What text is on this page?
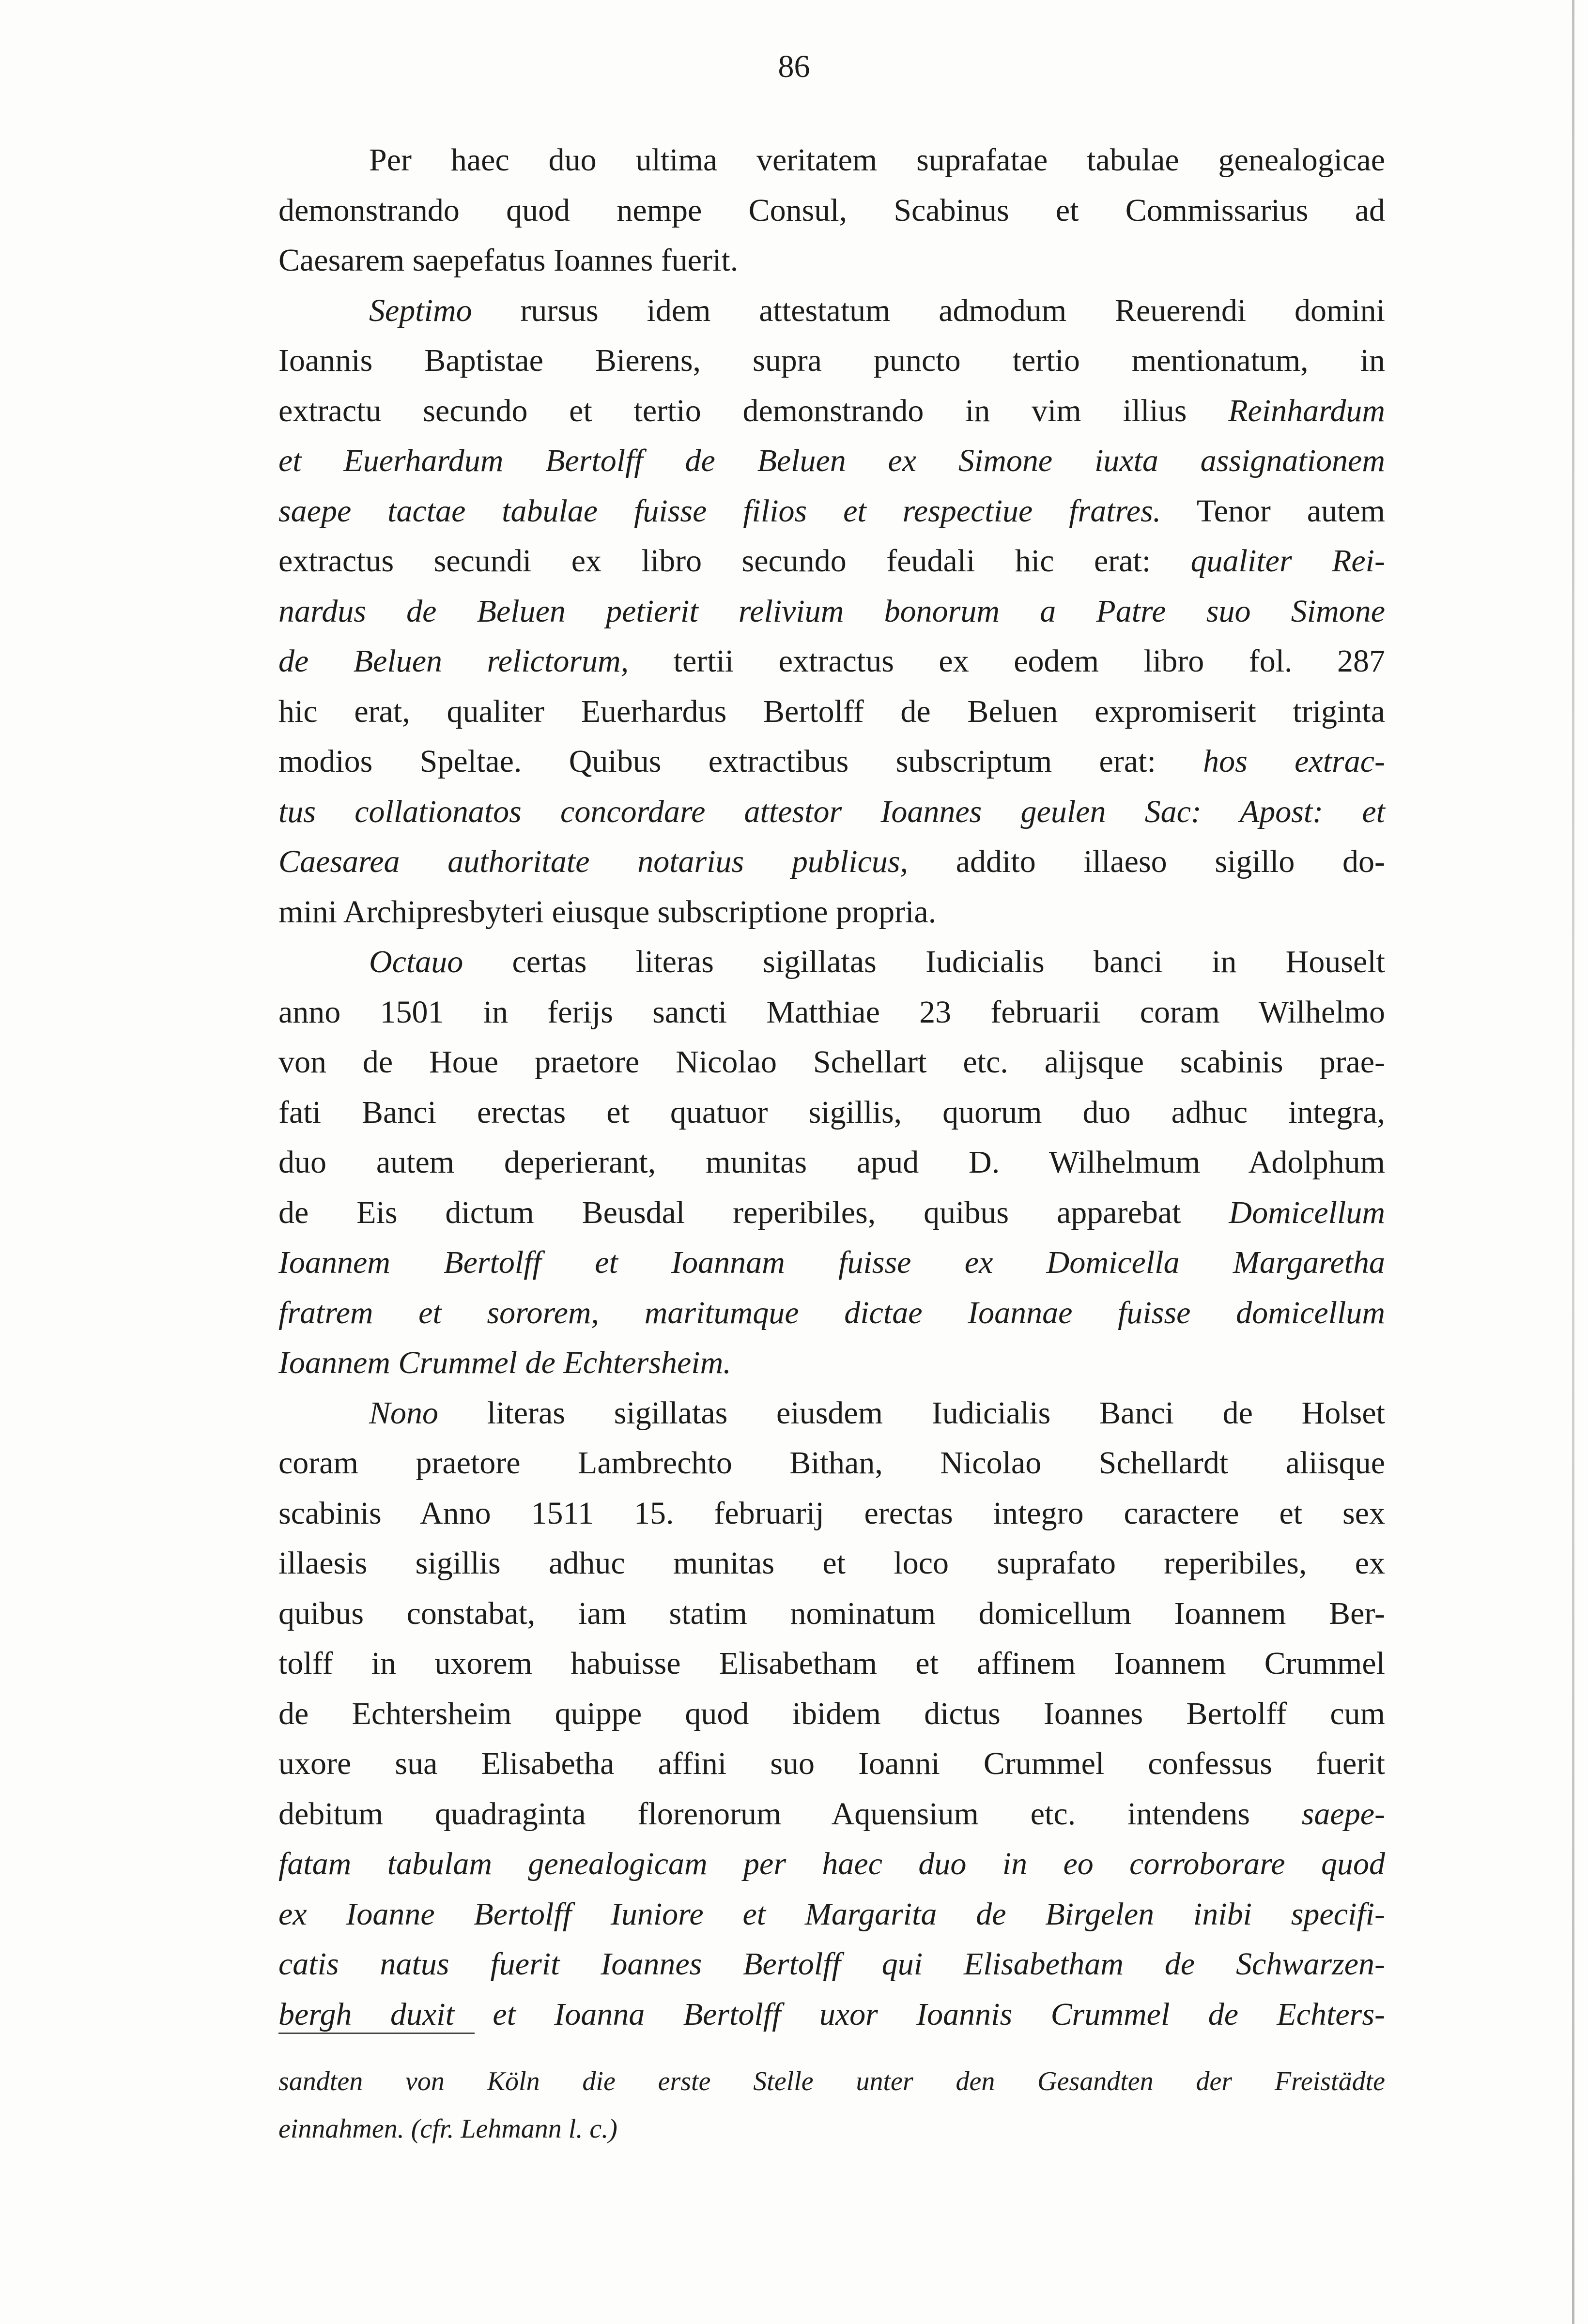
86
Per haec duo ultima veritatem suprafatae tabulae genealogicae
demonstrando quod nempe Consul, Scabinus et Commissarius ad
Caesarem saepefatus Ioannes fuerit.
Septimo rursus idem attestatum admodum Reuerendi domini
Ioannis Baptistae Bierens, supra puncto tertio mentionatum, in
extractu secundo et tertio demonstrando in vim illius Reinhardum
et Euerhardum Bertolff de Beluen ex Simone iuxta assignationem
saepe tactae tabulae fuisse filios et respectiue fratres. Tenor autem
extractus secundi ex libro secundo feudali hic erat: qualiter Rei-
nardus de Beluen petierit relivium bonorum a Patre suo Simone
de Beluen relictorum, tertii extractus ex eodem libro fol. 287
hic erat, qualiter Euerhardus Bertolff de Beluen expromiserit triginta
modios Speltae. Quibus extractibus subscriptum erat: hos extrac-
tus collationatos concordare attestor Ioannes geulen Sac: Apost: et
Caesarea authoritate notarius publicus, addito illaeso sigillo do-
mini Archipresbyteri eiusque subscriptione propria.
Octauo certas literas sigillatas Iudicialis banci in Houselt
anno 1501 in ferijs sancti Matthiae 23 februarii coram Wilhelmo
von de Houe praetore Nicolao Schellart etc. alijsque scabinis prae-
fati Banci erectas et quatuor sigillis, quorum duo adhuc integra,
duo autem deperierant, munitas apud D. Wilhelmum Adolphum
de Eis dictum Beusdal reperibiles, quibus apparebat Domicellum
Ioannem Bertolff et Ioannam fuisse ex Domicella Margaretha
fratrem et sororem, maritumque dictae Ioannae fuisse domicellum
Ioannem Crummel de Echtersheim.
Nono literas sigillatas eiusdem Iudicialis Banci de Holset
coram praetore Lambrechto Bithan, Nicolao Schellardt aliisque
scabinis Anno 1511 15. februarij erectas integro caractere et sex
illaesis sigillis adhuc munitas et loco suprafato reperibiles, ex
quibus constabat, iam statim nominatum domicellum Ioannem Ber-
tolff in uxorem habuisse Elisabetham et affinem Ioannem Crummel
de Echtersheim quippe quod ibidem dictus Ioannes Bertolff cum
uxore sua Elisabetha affini suo Ioanni Crummel confessus fuerit
debitum quadraginta florenorum Aquensium etc. intendens saepe-
fatam tabulam genealogicam per haec duo in eo corroborare quod
ex Ioanne Bertolff Iuniore et Margarita de Birgelen inibi specifi-
catis natus fuerit Ioannes Bertolff qui Elisabetham de Schwarzen-
bergh duxit et Ioanna Bertolff uxor Ioannis Crummel de Echters-
sandten von Köln die erste Stelle unter den Gesandten der Freistädte
einnahmen. (cfr. Lehmann l. c.)
